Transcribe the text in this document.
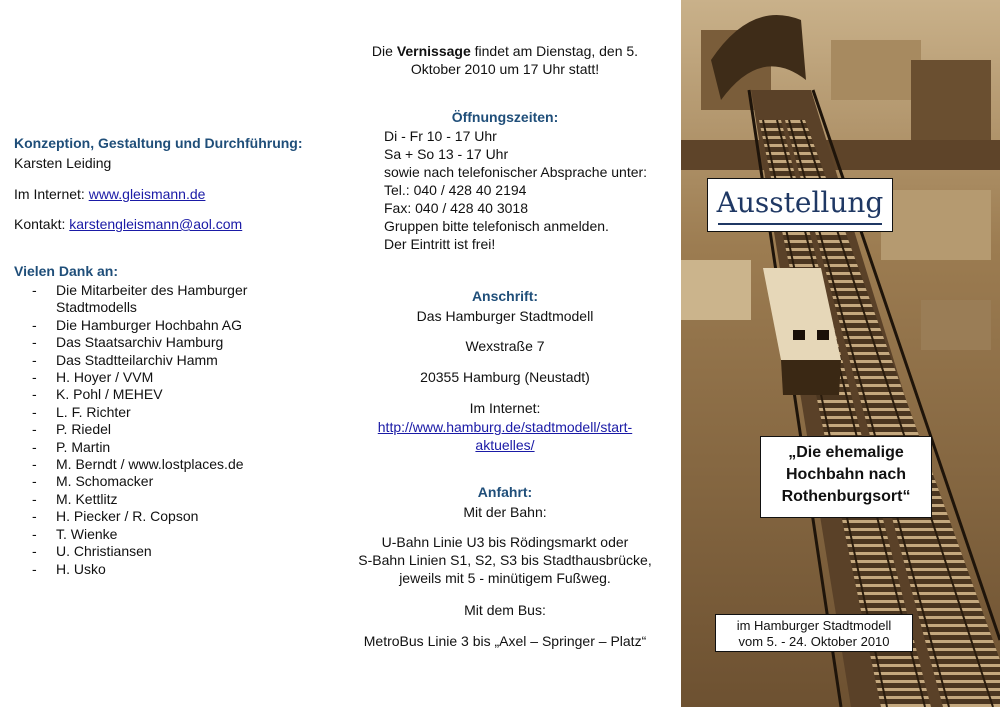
Konzeption, Gestaltung und Durchführung:
Karsten Leiding
Im Internet: www.gleismann.de
Kontakt: karstengleismann@aol.com
Vielen Dank an:
-	Die Mitarbeiter des Hamburger Stadtmodells
-	Die Hamburger Hochbahn AG
-	Das Staatsarchiv Hamburg
-	Das Stadtteilarchiv Hamm
-	H. Hoyer / VVM
-	K. Pohl / MEHEV
-	L. F. Richter
-	P. Riedel
-	P. Martin
-	M. Berndt / www.lostplaces.de
-	M. Schomacker
-	M. Kettlitz
-	H. Piecker / R. Copson
-	T. Wienke
-	U. Christiansen
-	H. Usko
Die Vernissage findet am Dienstag, den 5.
Oktober 2010 um 17 Uhr statt!
Öffnungszeiten:
Di - Fr 10 - 17 Uhr
Sa + So 13 - 17 Uhr
sowie nach telefonischer Absprache unter:
Tel.: 040 / 428 40 2194
Fax: 040 / 428 40 3018
Gruppen bitte telefonisch anmelden.
Der Eintritt ist frei!
Anschrift:
Das Hamburger Stadtmodell
Wexstraße 7
20355 Hamburg (Neustadt)
Im Internet:
http://www.hamburg.de/stadtmodell/start-
aktuelles/
Anfahrt:
Mit der Bahn:
U-Bahn Linie U3 bis Rödingsmarkt oder
S-Bahn Linien S1, S2, S3 bis Stadthausbrücke,
jeweils mit 5 - minütigem Fußweg.
Mit dem Bus:
MetroBus Linie 3 bis „Axel – Springer – Platz“
Ausstellung
„Die ehemalige
Hochbahn nach
Rothenburgsort“
im Hamburger Stadtmodell
vom 5. - 24. Oktober 2010
